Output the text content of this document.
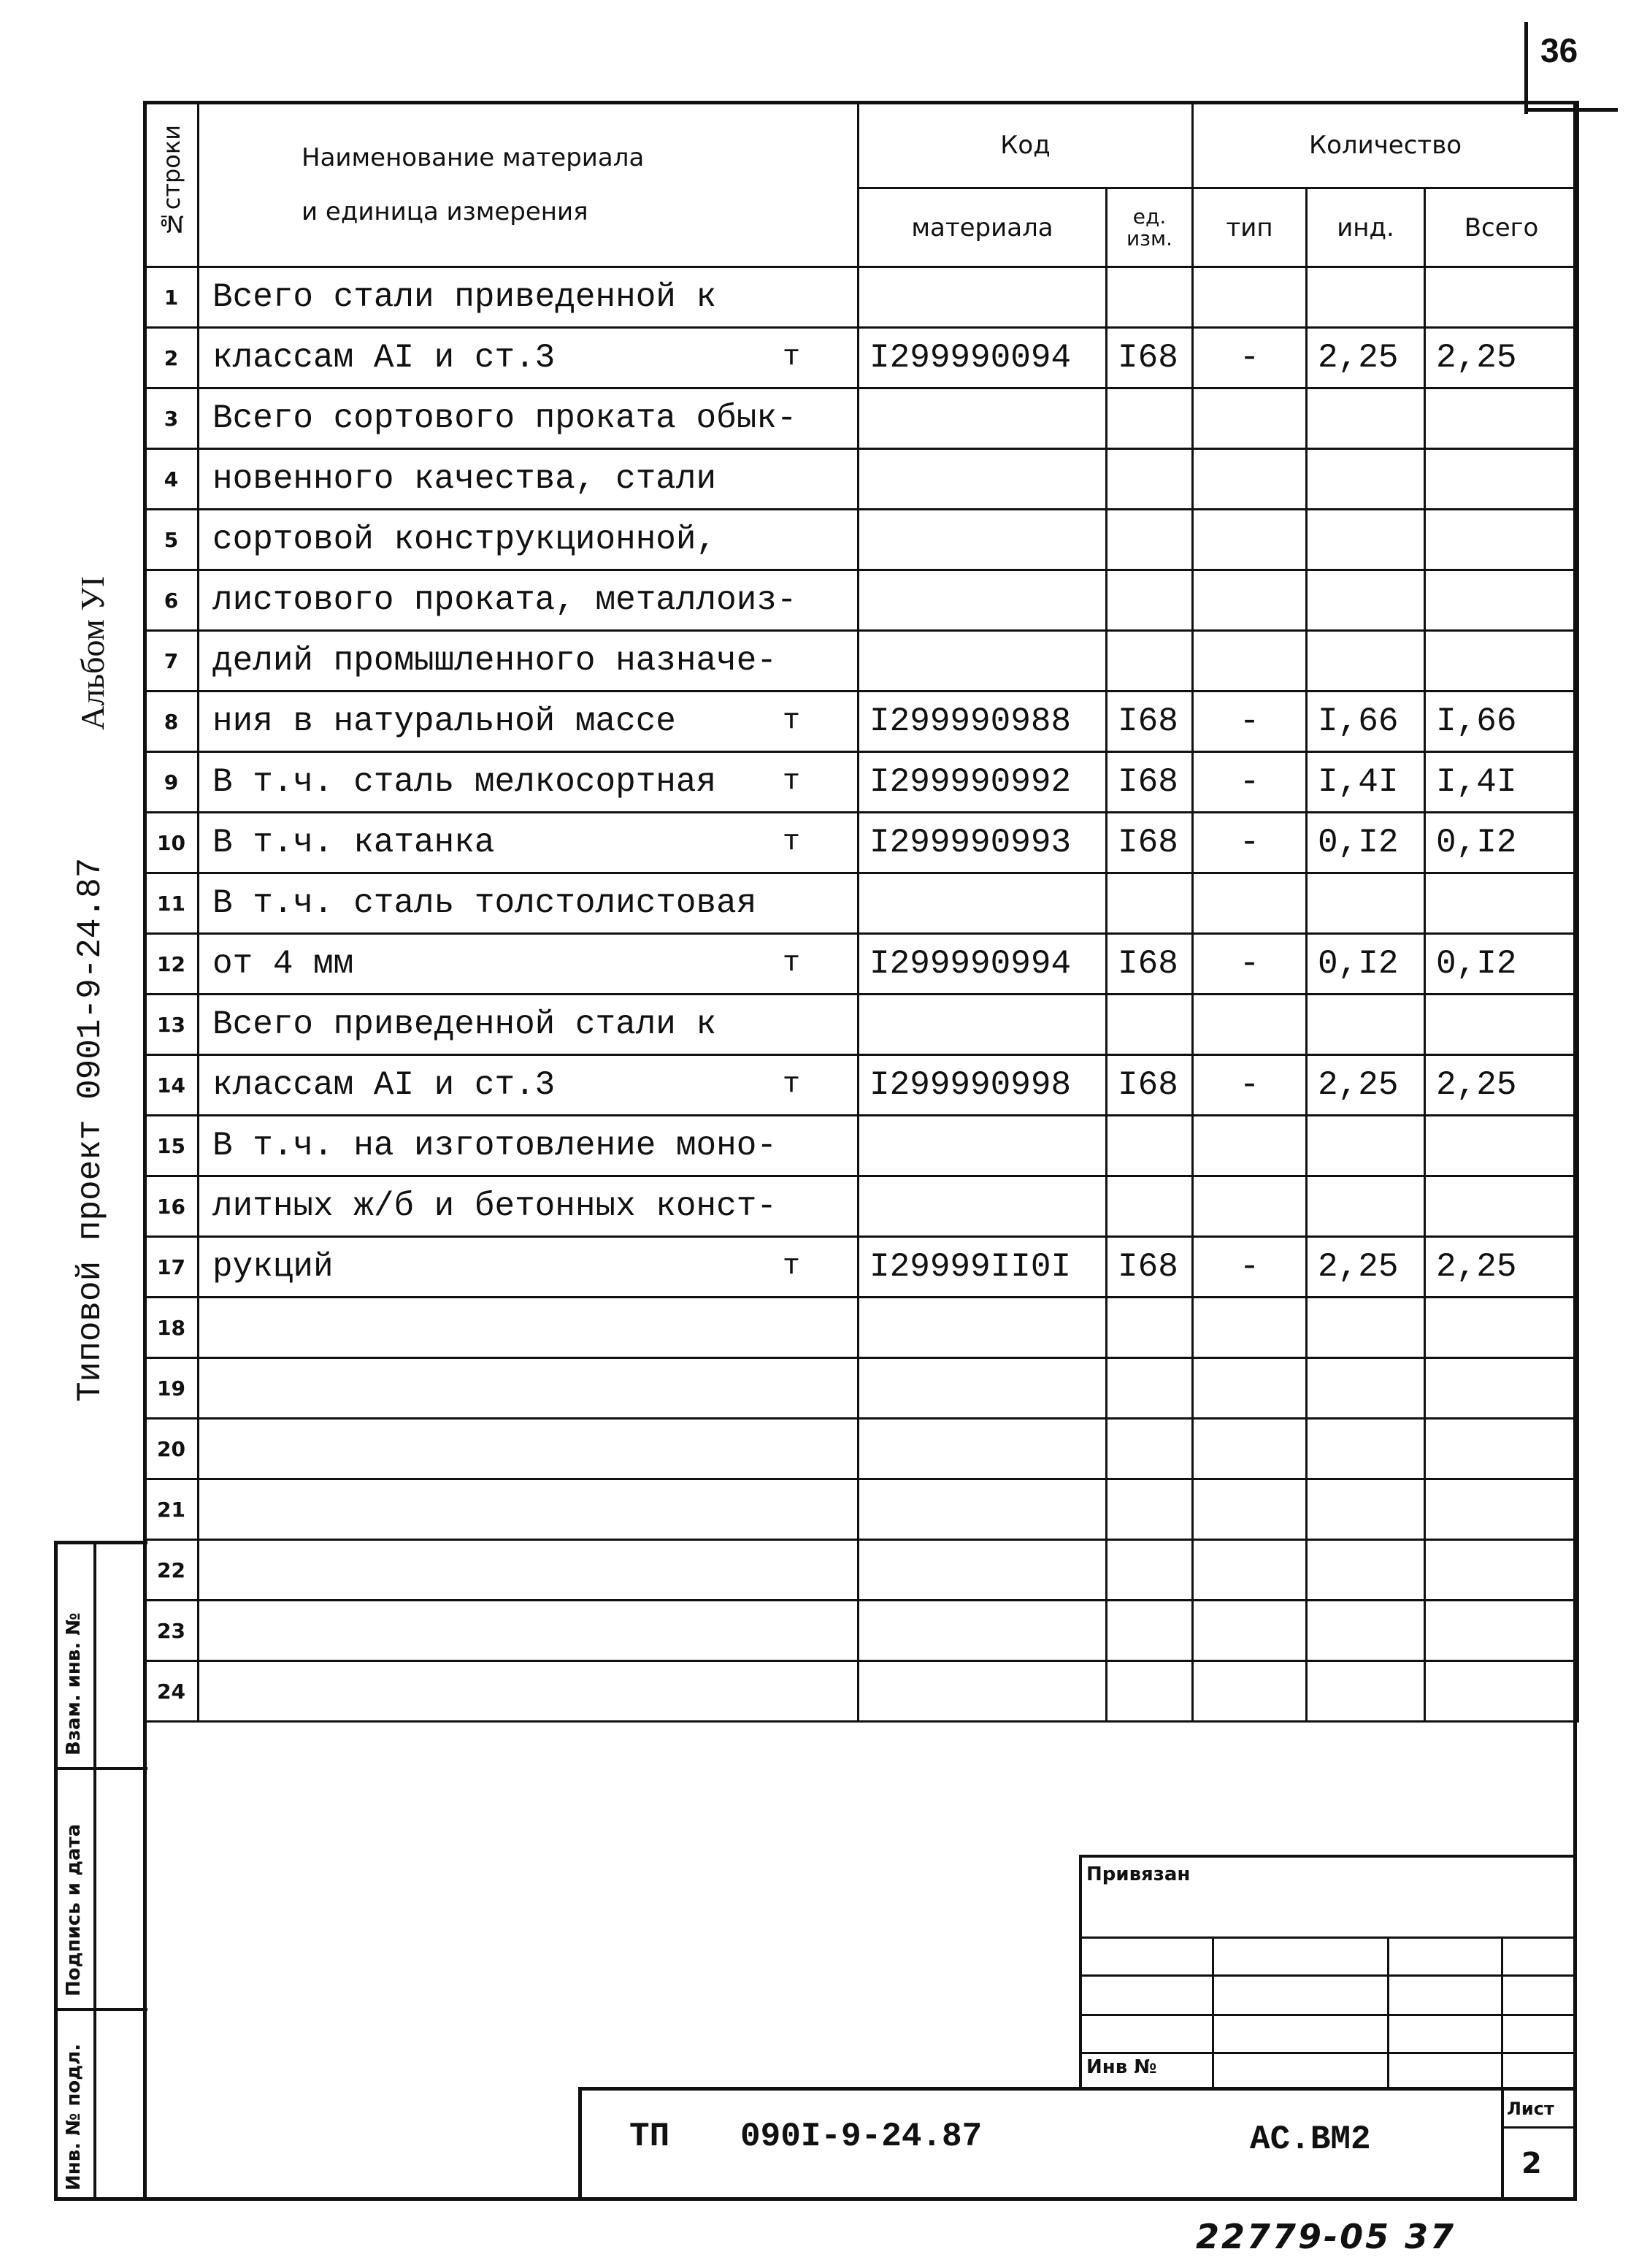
36
Альбом УI
Типовой проект 0901-9-24.87
Взам. инв. №
Подпись и дата
Инв. № подл.
№строки	Наименование материала
и единица измерения	Код		Количество		
		материала	ед. изм.	тип	инд.	Всего
1	Всего стали приведенной к

2	классам АI и ст.3 т	I299990094	I68	-	2,25	2,25
3	Всего сортового проката обык-

4	новенного качества, стали

5	сортовой конструкционной,

6	листового проката, металлоиз-

7	делий промышленного назначе-

8	ния в натуральной массе т	I299990988	I68	-	I,66	I,66
9	В т.ч. сталь мелкосортная т	I299990992	I68	-	I,4I	I,4I
10	В т.ч. катанка т	I299990993	I68	-	0,I2	0,I2
11	В т.ч. сталь толстолистовая

12	от 4 мм т	I299990994	I68	-	0,I2	0,I2
13	Всего приведенной стали к

14	классам АI и ст.3 т	I299990998	I68	-	2,25	2,25
15	В т.ч. на изготовление моно-

16	литных ж/б и бетонных конст-

17	рукций т	I29999II0I	I68	-	2,25	2,25
18	

19	

20	

21	

22	

23	

24	

Привязан
Инв №
ТП 090I-9-24.87	АС.ВМ2
Лист
2
22779-05 37
